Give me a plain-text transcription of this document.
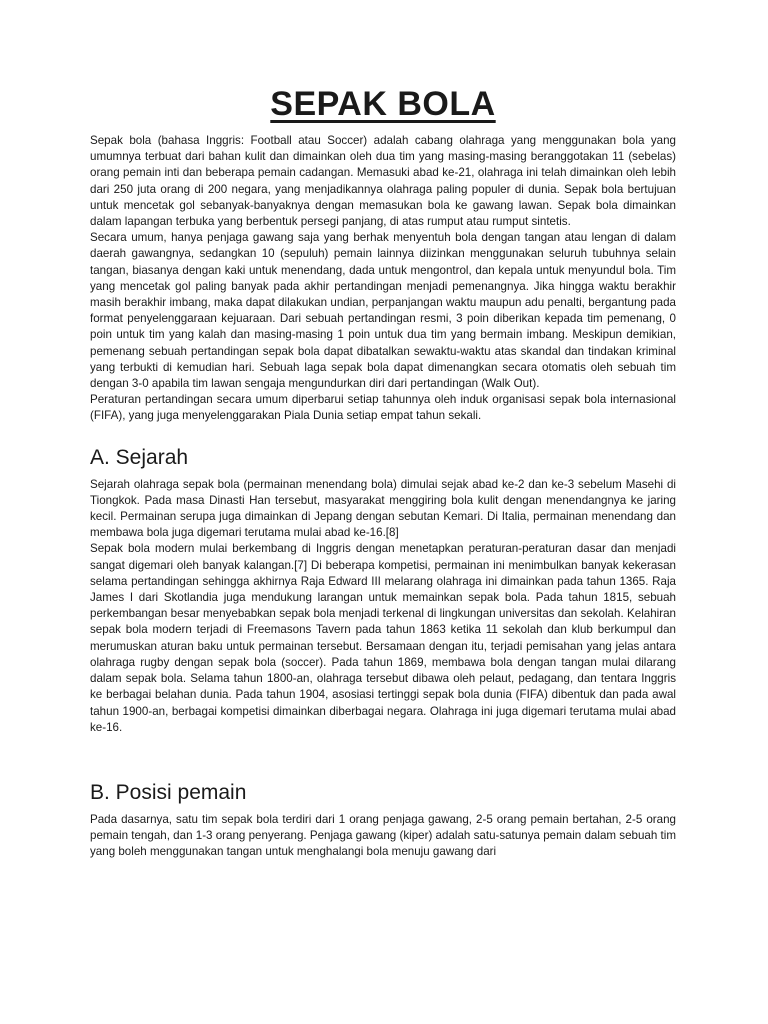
SEPAK BOLA

Sepak bola (bahasa Inggris: Football atau Soccer) adalah cabang olahraga yang menggunakan bola yang umumnya terbuat dari bahan kulit dan dimainkan oleh dua tim yang masing-masing beranggotakan 11 (sebelas) orang pemain inti dan beberapa pemain cadangan. Memasuki abad ke-21, olahraga ini telah dimainkan oleh lebih dari 250 juta orang di 200 negara, yang menjadikannya olahraga paling populer di dunia. Sepak bola bertujuan untuk mencetak gol sebanyak-banyaknya dengan memasukan bola ke gawang lawan. Sepak bola dimainkan dalam lapangan terbuka yang berbentuk persegi panjang, di atas rumput atau rumput sintetis.

Secara umum, hanya penjaga gawang saja yang berhak menyentuh bola dengan tangan atau lengan di dalam daerah gawangnya, sedangkan 10 (sepuluh) pemain lainnya diizinkan menggunakan seluruh tubuhnya selain tangan, biasanya dengan kaki untuk menendang, dada untuk mengontrol, dan kepala untuk menyundul bola. Tim yang mencetak gol paling banyak pada akhir pertandingan menjadi pemenangnya. Jika hingga waktu berakhir masih berakhir imbang, maka dapat dilakukan undian, perpanjangan waktu maupun adu penalti, bergantung pada format penyelenggaraan kejuaraan. Dari sebuah pertandingan resmi, 3 poin diberikan kepada tim pemenang, 0 poin untuk tim yang kalah dan masing-masing 1 poin untuk dua tim yang bermain imbang. Meskipun demikian, pemenang sebuah pertandingan sepak bola dapat dibatalkan sewaktu-waktu atas skandal dan tindakan kriminal yang terbukti di kemudian hari. Sebuah laga sepak bola dapat dimenangkan secara otomatis oleh sebuah tim dengan 3-0 apabila tim lawan sengaja mengundurkan diri dari pertandingan (Walk Out).

Peraturan pertandingan secara umum diperbarui setiap tahunnya oleh induk organisasi sepak bola internasional (FIFA), yang juga menyelenggarakan Piala Dunia setiap empat tahun sekali.

A. Sejarah

Sejarah olahraga sepak bola (permainan menendang bola) dimulai sejak abad ke-2 dan ke-3 sebelum Masehi di Tiongkok. Pada masa Dinasti Han tersebut, masyarakat menggiring bola kulit dengan menendangnya ke jaring kecil. Permainan serupa juga dimainkan di Jepang dengan sebutan Kemari. Di Italia, permainan menendang dan membawa bola juga digemari terutama mulai abad ke-16.[8]

Sepak bola modern mulai berkembang di Inggris dengan menetapkan peraturan-peraturan dasar dan menjadi sangat digemari oleh banyak kalangan.[7] Di beberapa kompetisi, permainan ini menimbulkan banyak kekerasan selama pertandingan sehingga akhirnya Raja Edward III melarang olahraga ini dimainkan pada tahun 1365. Raja James I dari Skotlandia juga mendukung larangan untuk memainkan sepak bola. Pada tahun 1815, sebuah perkembangan besar menyebabkan sepak bola menjadi terkenal di lingkungan universitas dan sekolah. Kelahiran sepak bola modern terjadi di Freemasons Tavern pada tahun 1863 ketika 11 sekolah dan klub berkumpul dan merumuskan aturan baku untuk permainan tersebut. Bersamaan dengan itu, terjadi pemisahan yang jelas antara olahraga rugby dengan sepak bola (soccer). Pada tahun 1869, membawa bola dengan tangan mulai dilarang dalam sepak bola. Selama tahun 1800-an, olahraga tersebut dibawa oleh pelaut, pedagang, dan tentara Inggris ke berbagai belahan dunia. Pada tahun 1904, asosiasi tertinggi sepak bola dunia (FIFA) dibentuk dan pada awal tahun 1900-an, berbagai kompetisi dimainkan diberbagai negara. Olahraga ini juga digemari terutama mulai abad ke-16.

B. Posisi pemain

Pada dasarnya, satu tim sepak bola terdiri dari 1 orang penjaga gawang, 2-5 orang pemain bertahan, 2-5 orang pemain tengah, dan 1-3 orang penyerang. Penjaga gawang (kiper) adalah satu-satunya pemain dalam sebuah tim yang boleh menggunakan tangan untuk menghalangi bola menuju gawang dari
